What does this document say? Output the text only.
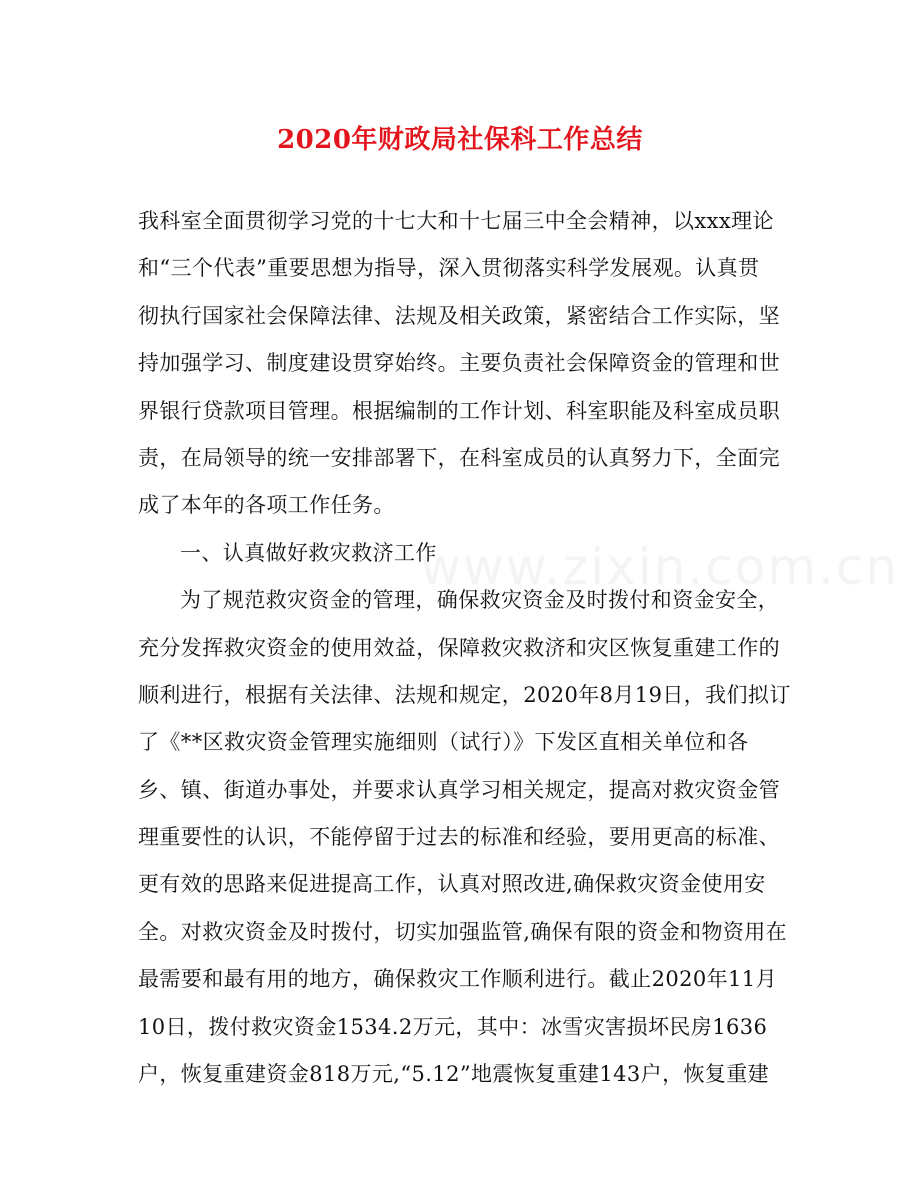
www.zixin.com.cn
2020年财政局社保科工作总结
我科室全面贯彻学习党的十七大和十七届三中全会精神，以xxx理论
和“三个代表”重要思想为指导，深入贯彻落实科学发展观。认真贯
彻执行国家社会保障法律、法规及相关政策，紧密结合工作实际，坚
持加强学习、制度建设贯穿始终。主要负责社会保障资金的管理和世
界银行贷款项目管理。根据编制的工作计划、科室职能及科室成员职
责，在局领导的统一安排部署下，在科室成员的认真努力下，全面完
成了本年的各项工作任务。
一、认真做好救灾救济工作
为了规范救灾资金的管理，确保救灾资金及时拨付和资金安全，
充分发挥救灾资金的使用效益，保障救灾救济和灾区恢复重建工作的
顺利进行，根据有关法律、法规和规定，2020年8月19日，我们拟订
了《**区救灾资金管理实施细则（试行）》下发区直相关单位和各
乡、镇、街道办事处，并要求认真学习相关规定，提高对救灾资金管
理重要性的认识，不能停留于过去的标准和经验，要用更高的标准、
更有效的思路来促进提高工作，认真对照改进,确保救灾资金使用安
全。对救灾资金及时拨付，切实加强监管,确保有限的资金和物资用在
最需要和最有用的地方，确保救灾工作顺利进行。截止2020年11月
10日，拨付救灾资金1534.2万元，其中：冰雪灾害损坏民房1636
户，恢复重建资金818万元,“5.12”地震恢复重建143户，恢复重建
